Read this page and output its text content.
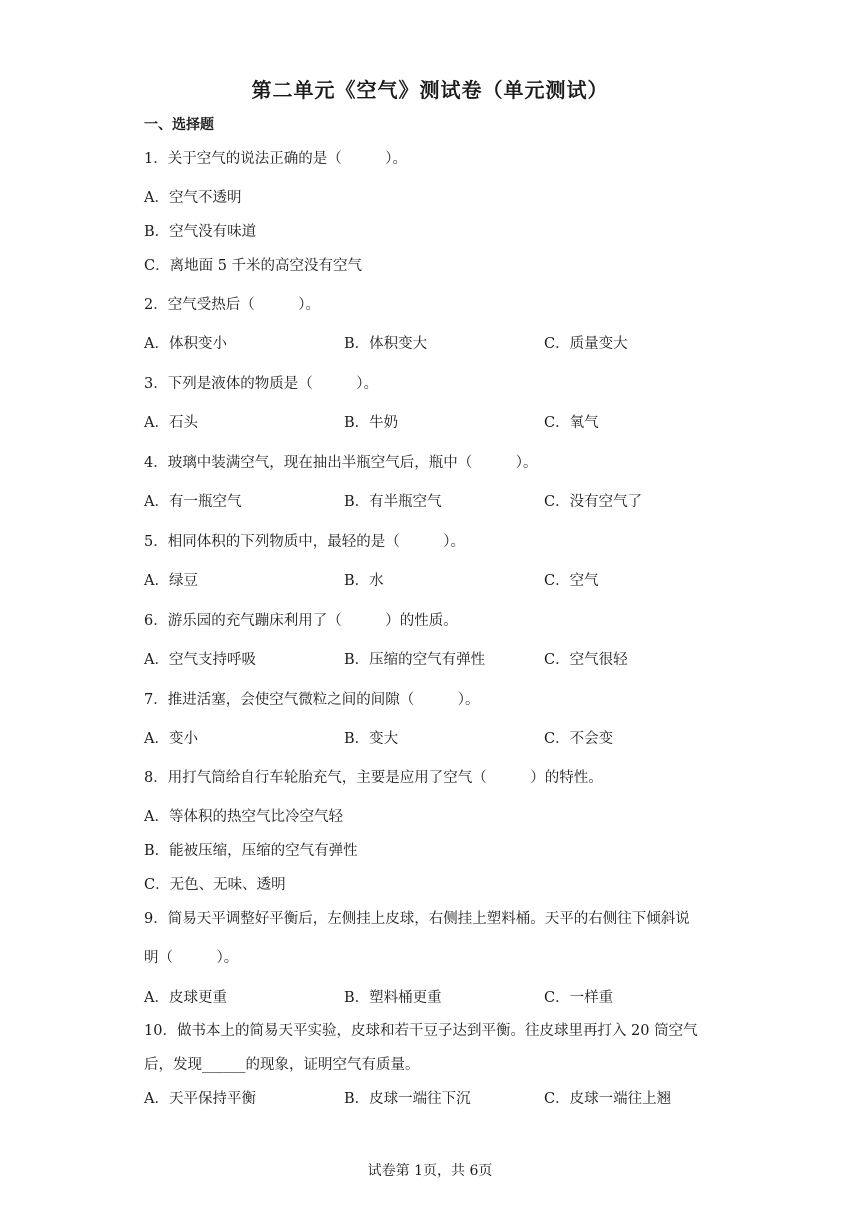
第二单元《空气》测试卷（单元测试）
一、选择题
1．关于空气的说法正确的是（　　　）。
A．空气不透明
B．空气没有味道
C．离地面 5 千米的高空没有空气
2．空气受热后（　　　）。
A．体积变小	B．体积变大	C．质量变大
3．下列是液体的物质是（　　　）。
A．石头	B．牛奶	C．氧气
4．玻璃中装满空气，现在抽出半瓶空气后，瓶中（　　　）。
A．有一瓶空气	B．有半瓶空气	C．没有空气了
5．相同体积的下列物质中，最轻的是（　　　）。
A．绿豆	B．水	C．空气
6．游乐园的充气蹦床利用了（　　　）的性质。
A．空气支持呼吸	B．压缩的空气有弹性	C．空气很轻
7．推进活塞，会使空气微粒之间的间隙（　　　）。
A．变小	B．变大	C．不会变
8．用打气筒给自行车轮胎充气，主要是应用了空气（　　　）的特性。
A．等体积的热空气比冷空气轻
B．能被压缩，压缩的空气有弹性
C．无色、无味、透明
9．简易天平调整好平衡后，左侧挂上皮球，右侧挂上塑料桶。天平的右侧往下倾斜说
明（　　　）。
A．皮球更重	B．塑料桶更重	C．一样重
10．做书本上的简易天平实验，皮球和若干豆子达到平衡。往皮球里再打入 20 筒空气
后，发现______的现象，证明空气有质量。
A．天平保持平衡	B．皮球一端往下沉	C．皮球一端往上翘
试卷第 1页，共 6页
